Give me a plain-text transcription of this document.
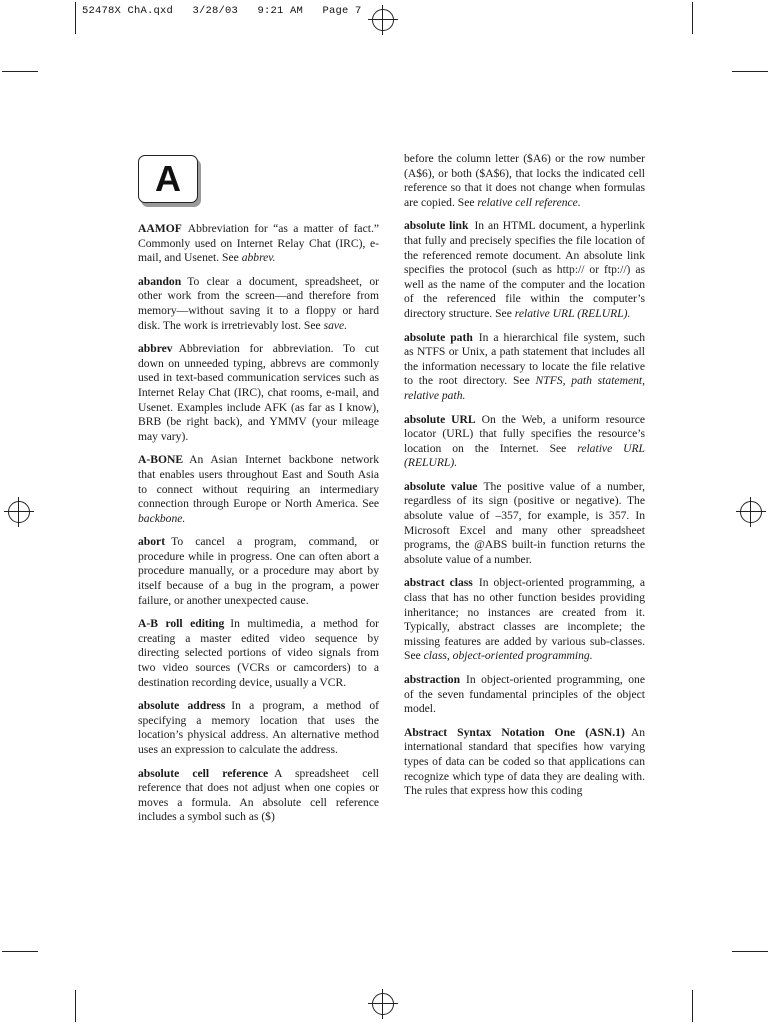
52478X ChA.qxd   3/28/03   9:21 AM   Page 7
A

AAMOF Abbreviation for “as a matter of fact.” Commonly used on Internet Relay Chat (IRC), e-mail, and Usenet. See abbrev.

abandon To clear a document, spreadsheet, or other work from the screen—and therefore from memory—without saving it to a floppy or hard disk. The work is irretrievably lost. See save.

abbrev Abbreviation for abbreviation. To cut down on unneeded typing, abbrevs are commonly used in text-based communication services such as Internet Relay Chat (IRC), chat rooms, e-mail, and Usenet. Examples include AFK (as far as I know), BRB (be right back), and YMMV (your mileage may vary).

A-BONE An Asian Internet backbone network that enables users throughout East and South Asia to connect without requiring an intermediary connection through Europe or North America. See backbone.

abort To cancel a program, command, or procedure while in progress. One can often abort a procedure manually, or a procedure may abort by itself because of a bug in the program, a power failure, or another unexpected cause.

A-B roll editing In multimedia, a method for creating a master edited video sequence by directing selected portions of video signals from two video sources (VCRs or camcorders) to a destination recording device, usually a VCR.

absolute address In a program, a method of specifying a memory location that uses the location’s physical address. An alternative method uses an expression to calculate the address.

absolute cell reference A spreadsheet cell reference that does not adjust when one copies or moves a formula. An absolute cell reference includes a symbol such as ($)

before the column letter ($A6) or the row number (A$6), or both ($A$6), that locks the indicated cell reference so that it does not change when formulas are copied. See relative cell reference.

absolute link In an HTML document, a hyperlink that fully and precisely specifies the file location of the referenced remote document. An absolute link specifies the protocol (such as http:// or ftp://) as well as the name of the computer and the location of the referenced file within the computer’s directory structure. See relative URL (RELURL).

absolute path In a hierarchical file system, such as NTFS or Unix, a path statement that includes all the information necessary to locate the file relative to the root directory. See NTFS, path statement, relative path.

absolute URL On the Web, a uniform resource locator (URL) that fully specifies the resource’s location on the Internet. See relative URL (RELURL).

absolute value The positive value of a number, regardless of its sign (positive or negative). The absolute value of –357, for example, is 357. In Microsoft Excel and many other spreadsheet programs, the @ABS built-in function returns the absolute value of a number.

abstract class In object-oriented programming, a class that has no other function besides providing inheritance; no instances are created from it. Typically, abstract classes are incomplete; the missing features are added by various sub-classes. See class, object-oriented programming.

abstraction In object-oriented programming, one of the seven fundamental principles of the object model.

Abstract Syntax Notation One (ASN.1) An international standard that specifies how varying types of data can be coded so that applications can recognize which type of data they are dealing with. The rules that express how this coding
